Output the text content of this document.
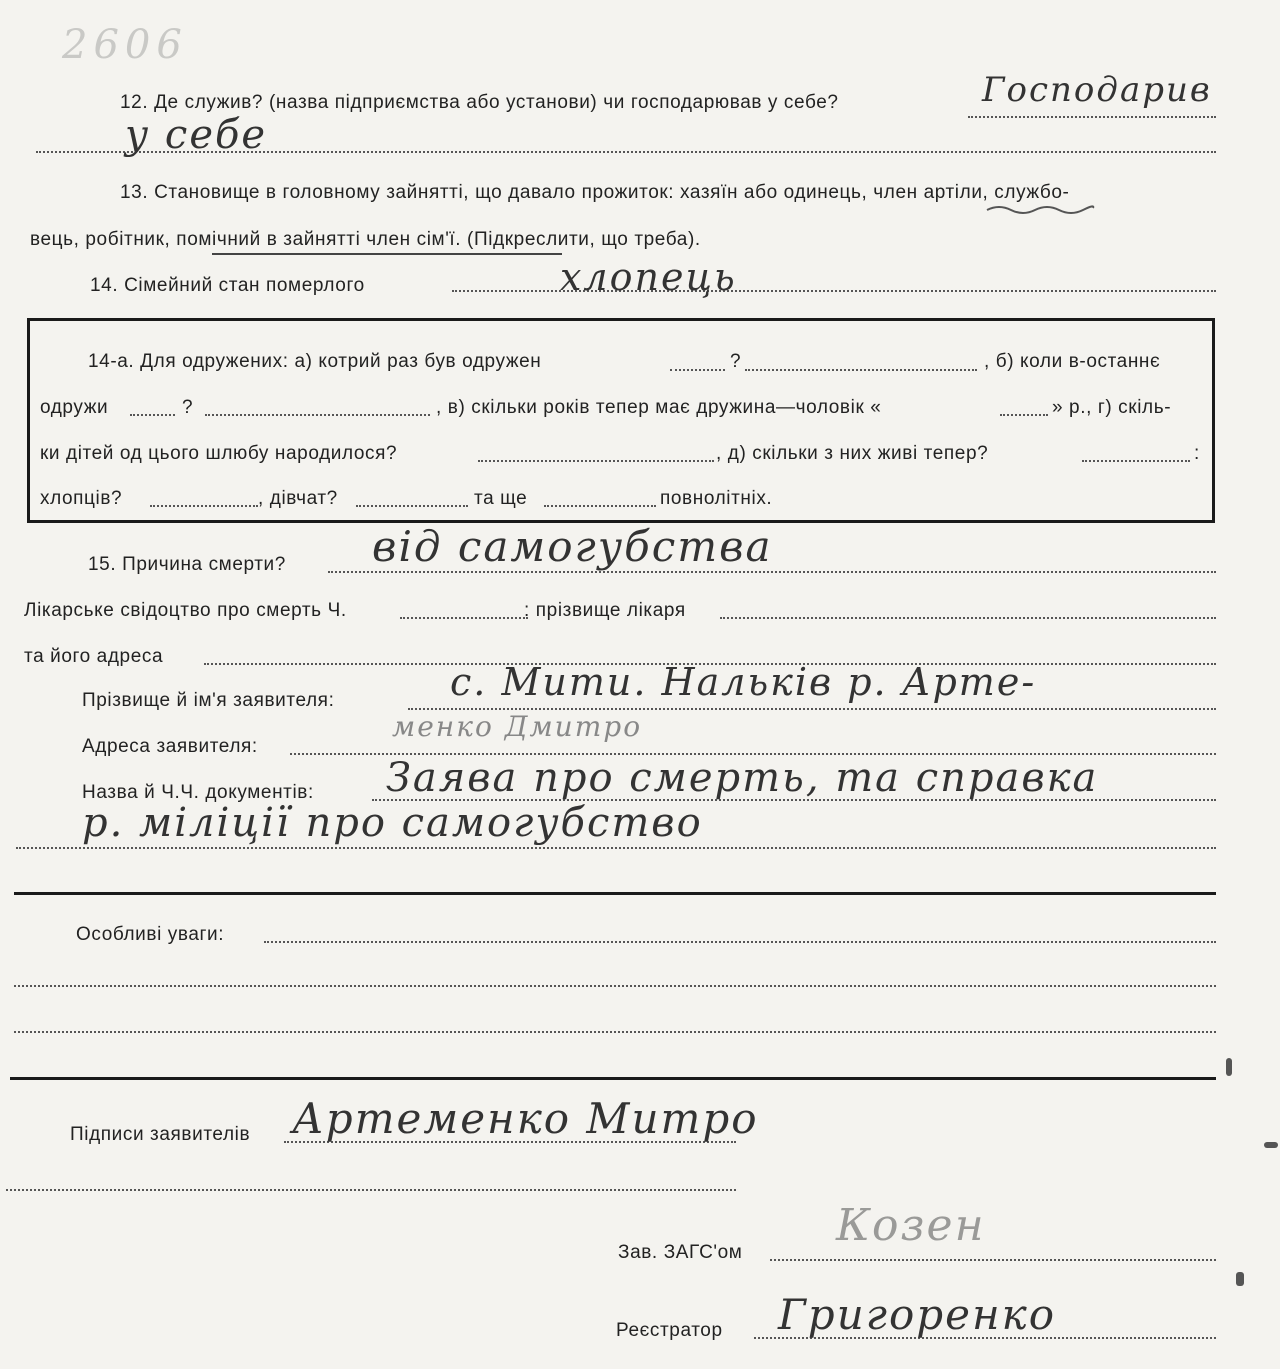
2606
12. Де служив? (назва підприємства або установи) чи господарював у себе?	Господарив
у себе
13. Становище в головному зайнятті, що давало прожиток: хазяїн або одинець, член артіли, службо-
вець, робітник, помічний в зайнятті член сім'ї. (Підкреслити, що треба).
14. Сімейний стан померлого	хлопець
14-а. Для одружених: а) котрий раз був одружен	?	, б) коли в-останнє
одружи	?	, в) скільки років тепер має дружина—чоловік «	» р., г) скіль-
ки дітей од цього шлюбу народилося?	, д) скільки з них живі тепер?	:
хлопців?	, дівчат?	та ще	повнолітніх.
15. Причина смерти? від самогубства
Лікарське свідоцтво про смерть Ч.	: прізвище лікаря
та його адреса
Прізвище й ім'я заявителя:	с. Мити. Нальків р. Арте-
менко Дмитро
Адреса заявителя:
Назва й Ч.Ч. документів: Заява про смерть, та справка
р. міліції про самогубство
Особливі уваги:
Підписи заявителів Артеменко Митро
Зав. ЗАГС'ом
Козен
Реєстратор Григоренко
